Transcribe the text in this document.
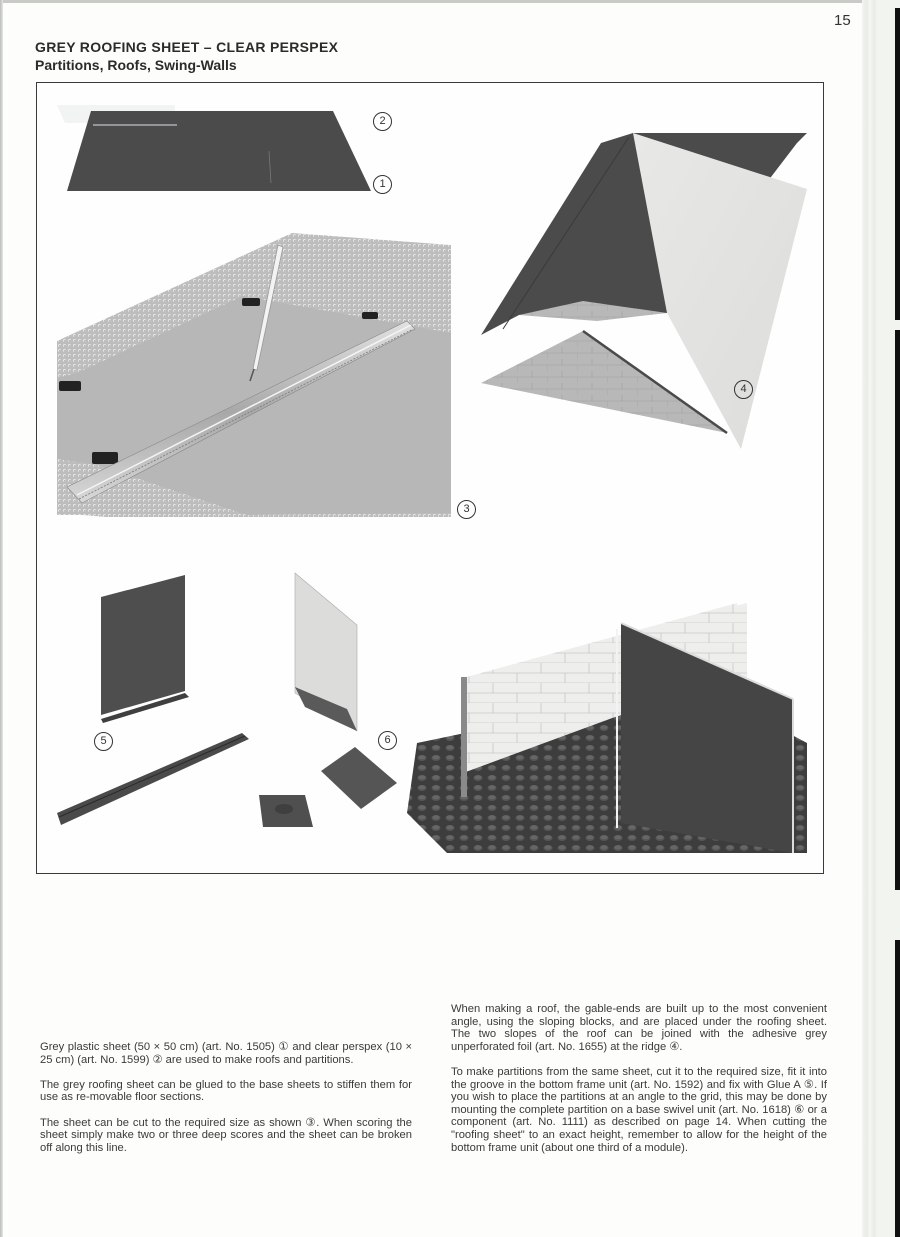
15
GREY ROOFING SHEET – CLEAR PERSPEX
Partitions, Roofs, Swing-Walls
2
1
3
4
5	6

Grey plastic sheet (50 × 50 cm) (art. No. 1505) ① and clear perspex (10 × 25 cm) (art. No. 1599) ② are used to make roofs and partitions.

The grey roofing sheet can be glued to the base sheets to stiffen them for use as re-movable floor sections.

The sheet can be cut to the required size as shown ③. When scoring the sheet simply make two or three deep scores and the sheet can be broken off along this line.

When making a roof, the gable-ends are built up to the most convenient angle, using the sloping blocks, and are placed under the roofing sheet. The two slopes of the roof can be joined with the adhesive grey unperforated foil (art. No. 1655) at the ridge ④.

To make partitions from the same sheet, cut it to the required size, fit it into the groove in the bottom frame unit (art. No. 1592) and fix with Glue A ⑤. If you wish to place the partitions at an angle to the grid, this may be done by mounting the complete partition on a base swivel unit (art. No. 1618) ⑥ or a component (art. No. 1111) as described on page 14. When cutting the "roofing sheet" to an exact height, remember to allow for the height of the bottom frame unit (about one third of a module).
